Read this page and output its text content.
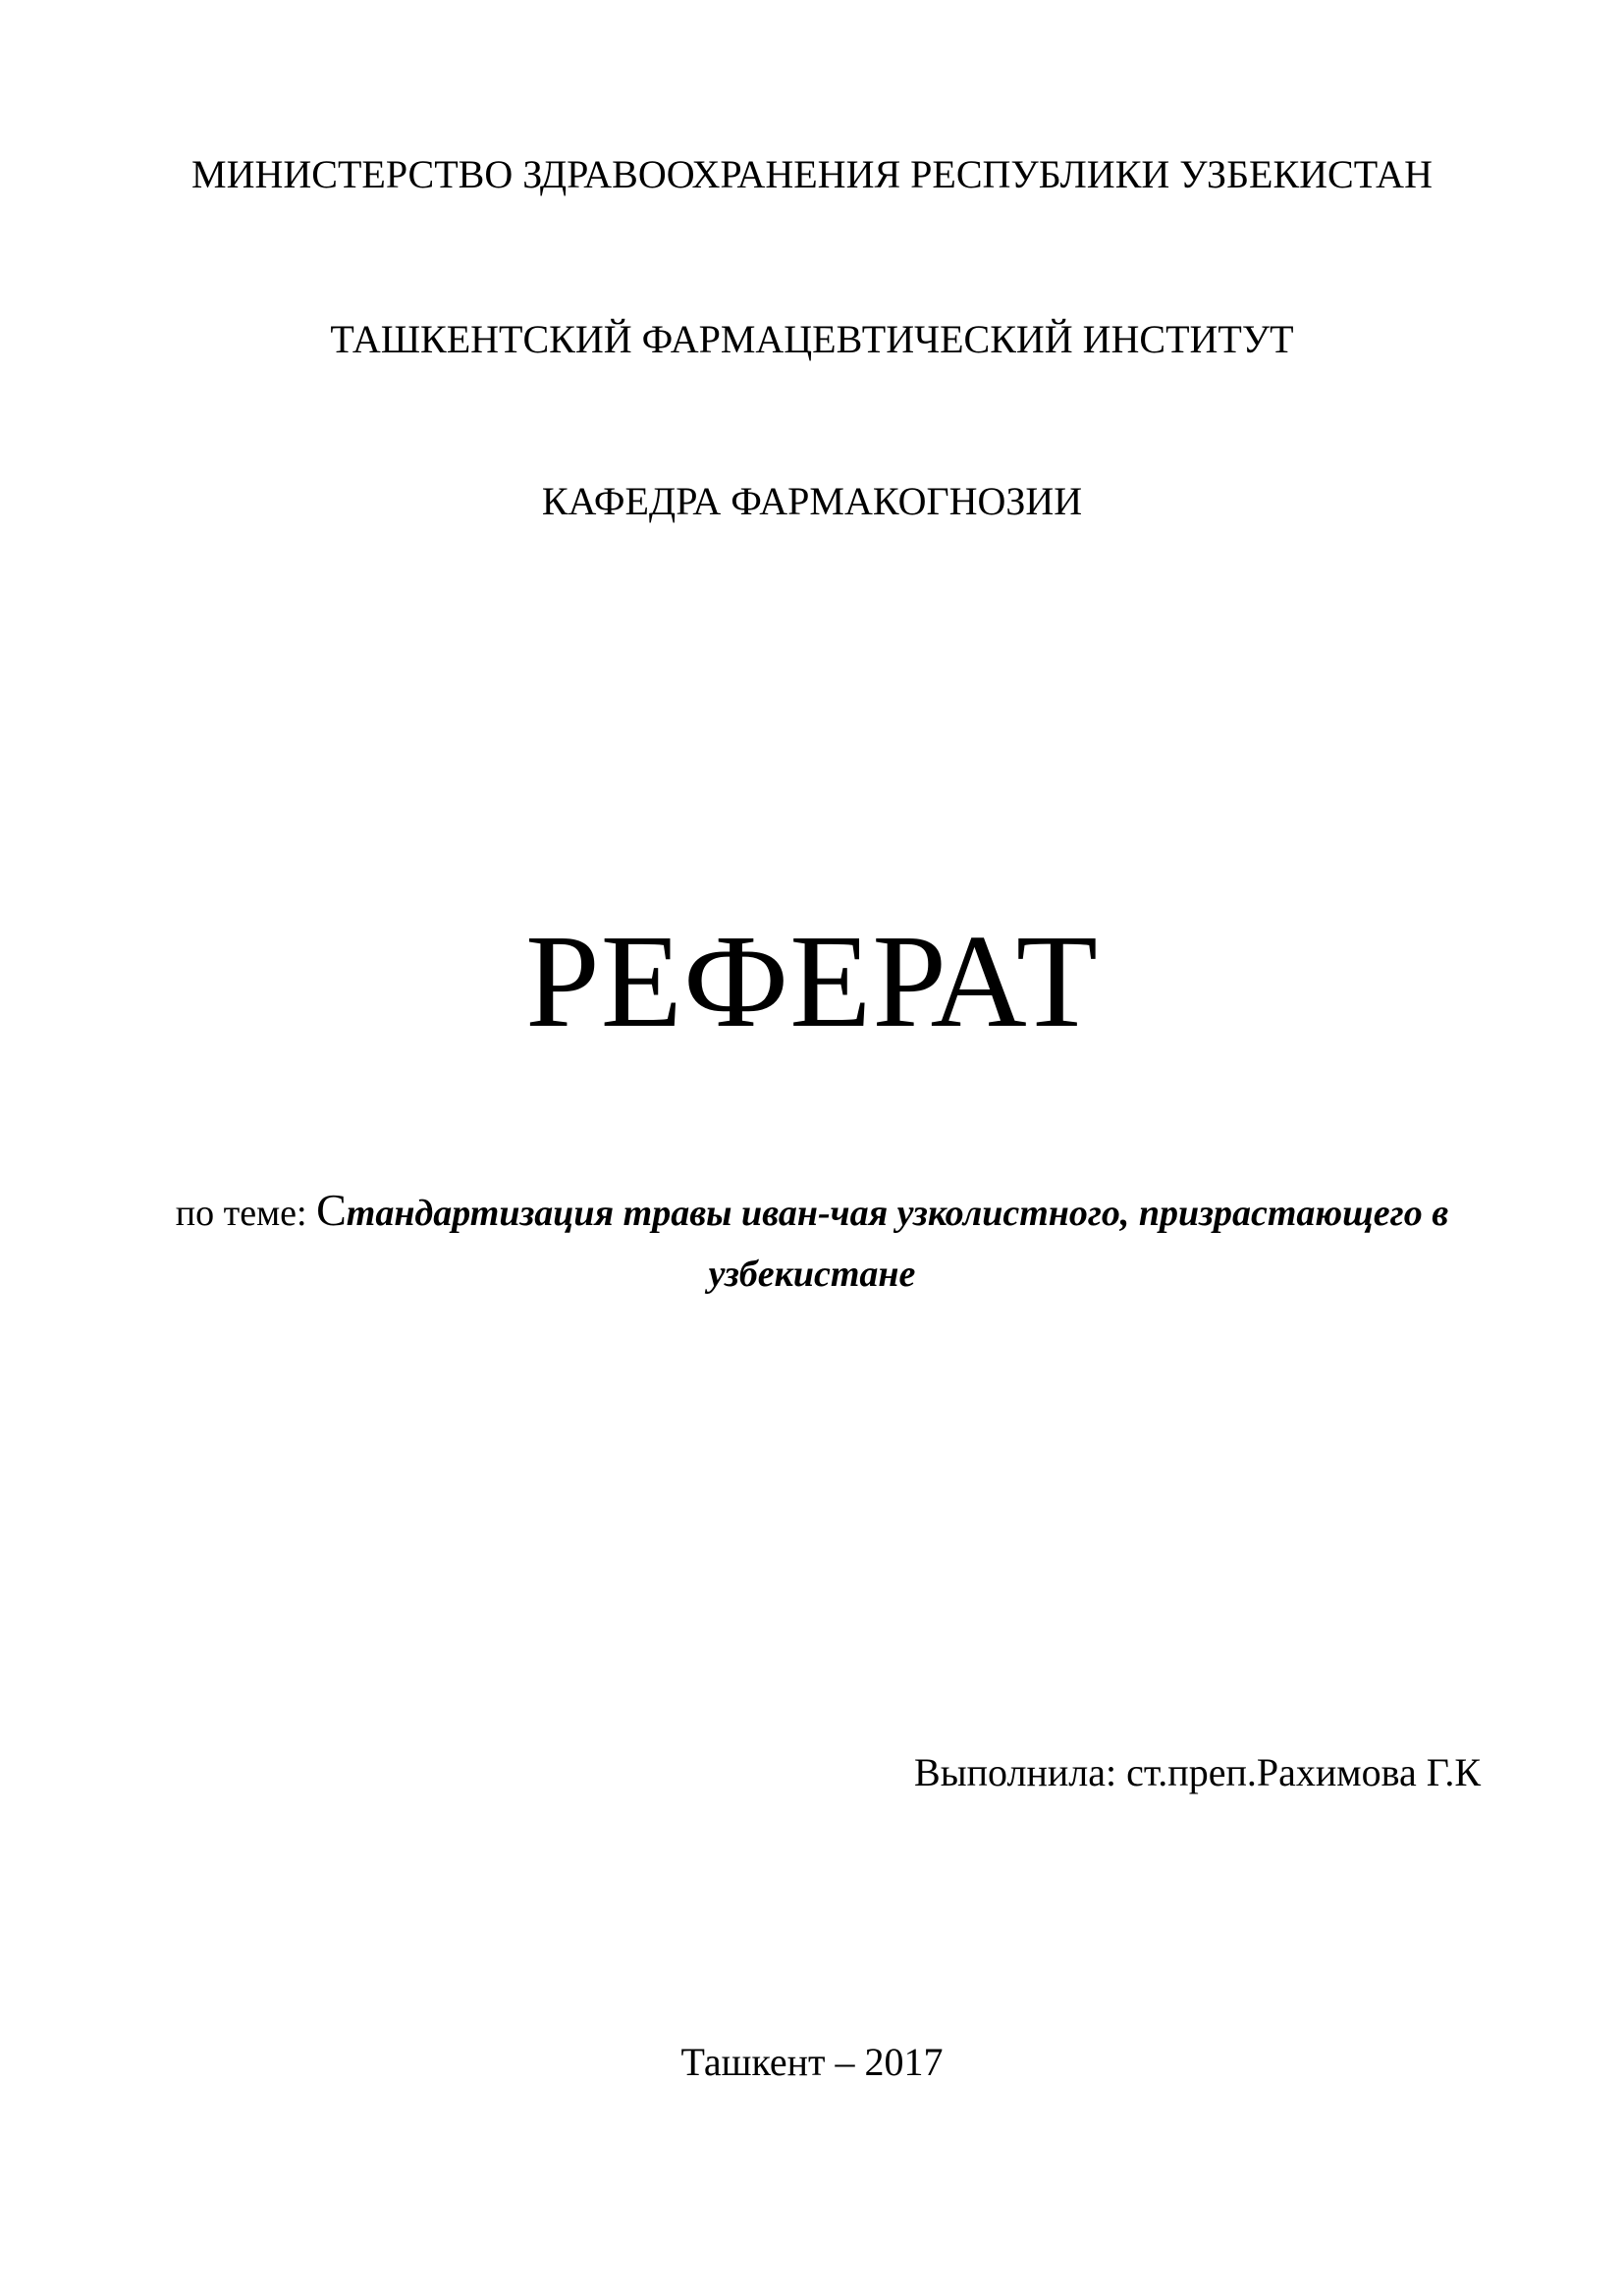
МИНИСТЕРСТВО ЗДРАВООХРАНЕНИЯ РЕСПУБЛИКИ УЗБЕКИСТАН
ТАШКЕНТСКИЙ ФАРМАЦЕВТИЧЕСКИЙ ИНСТИТУТ
КАФЕДРА ФАРМАКОГНОЗИИ
РЕФЕРАТ
по теме: Стандартизация травы иван-чая узколистного, призрастающего в узбекистане
Выполнила: ст.преп.Рахимова Г.К
Ташкент – 2017
